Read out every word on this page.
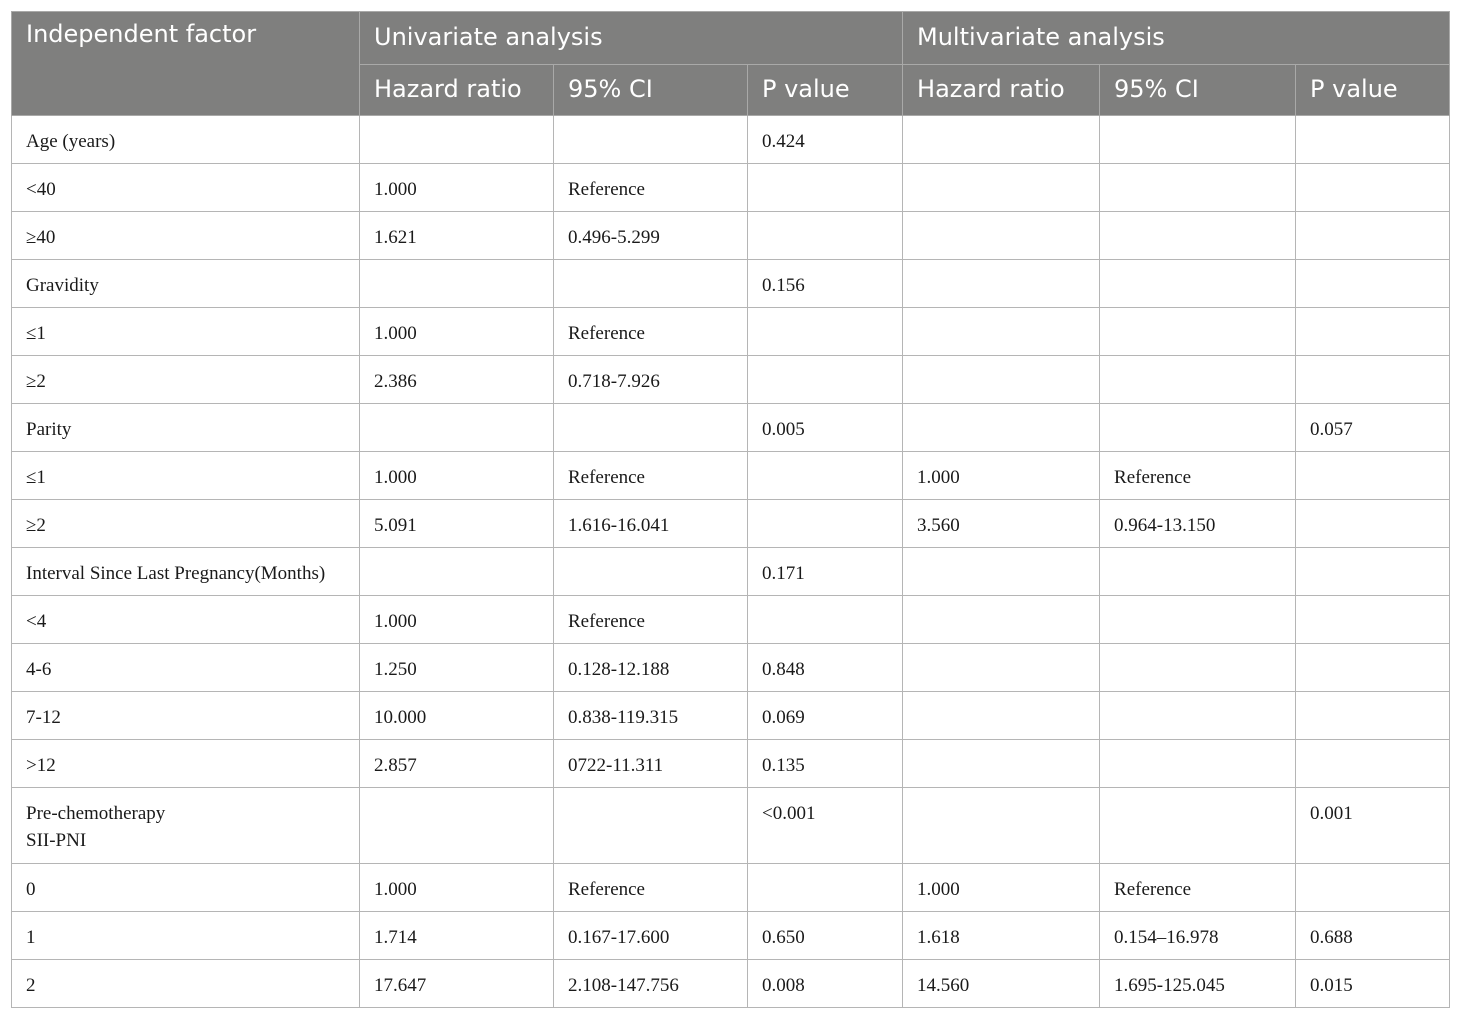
Independent factor	Univariate analysis			Multivariate analysis		
	Hazard ratio	95% CI	P value	Hazard ratio	95% CI	P value
Age (years)			0.424			
<40	1.000	Reference				
≥40	1.621	0.496-5.299				
Gravidity			0.156			
≤1	1.000	Reference				
≥2	2.386	0.718-7.926				
Parity			0.005			0.057
≤1	1.000	Reference		1.000	Reference	
≥2	5.091	1.616-16.041		3.560	0.964-13.150	
Interval Since Last Pregnancy(Months)			0.171			
<4	1.000	Reference				
4-6	1.250	0.128-12.188	0.848			
7-12	10.000	0.838-119.315	0.069			
>12	2.857	0722-11.311	0.135			
Pre-chemotherapy
SII-PNI			<0.001			0.001
0	1.000	Reference		1.000	Reference	
1	1.714	0.167-17.600	0.650	1.618	0.154–16.978	0.688
2	17.647	2.108-147.756	0.008	14.560	1.695-125.045	0.015
